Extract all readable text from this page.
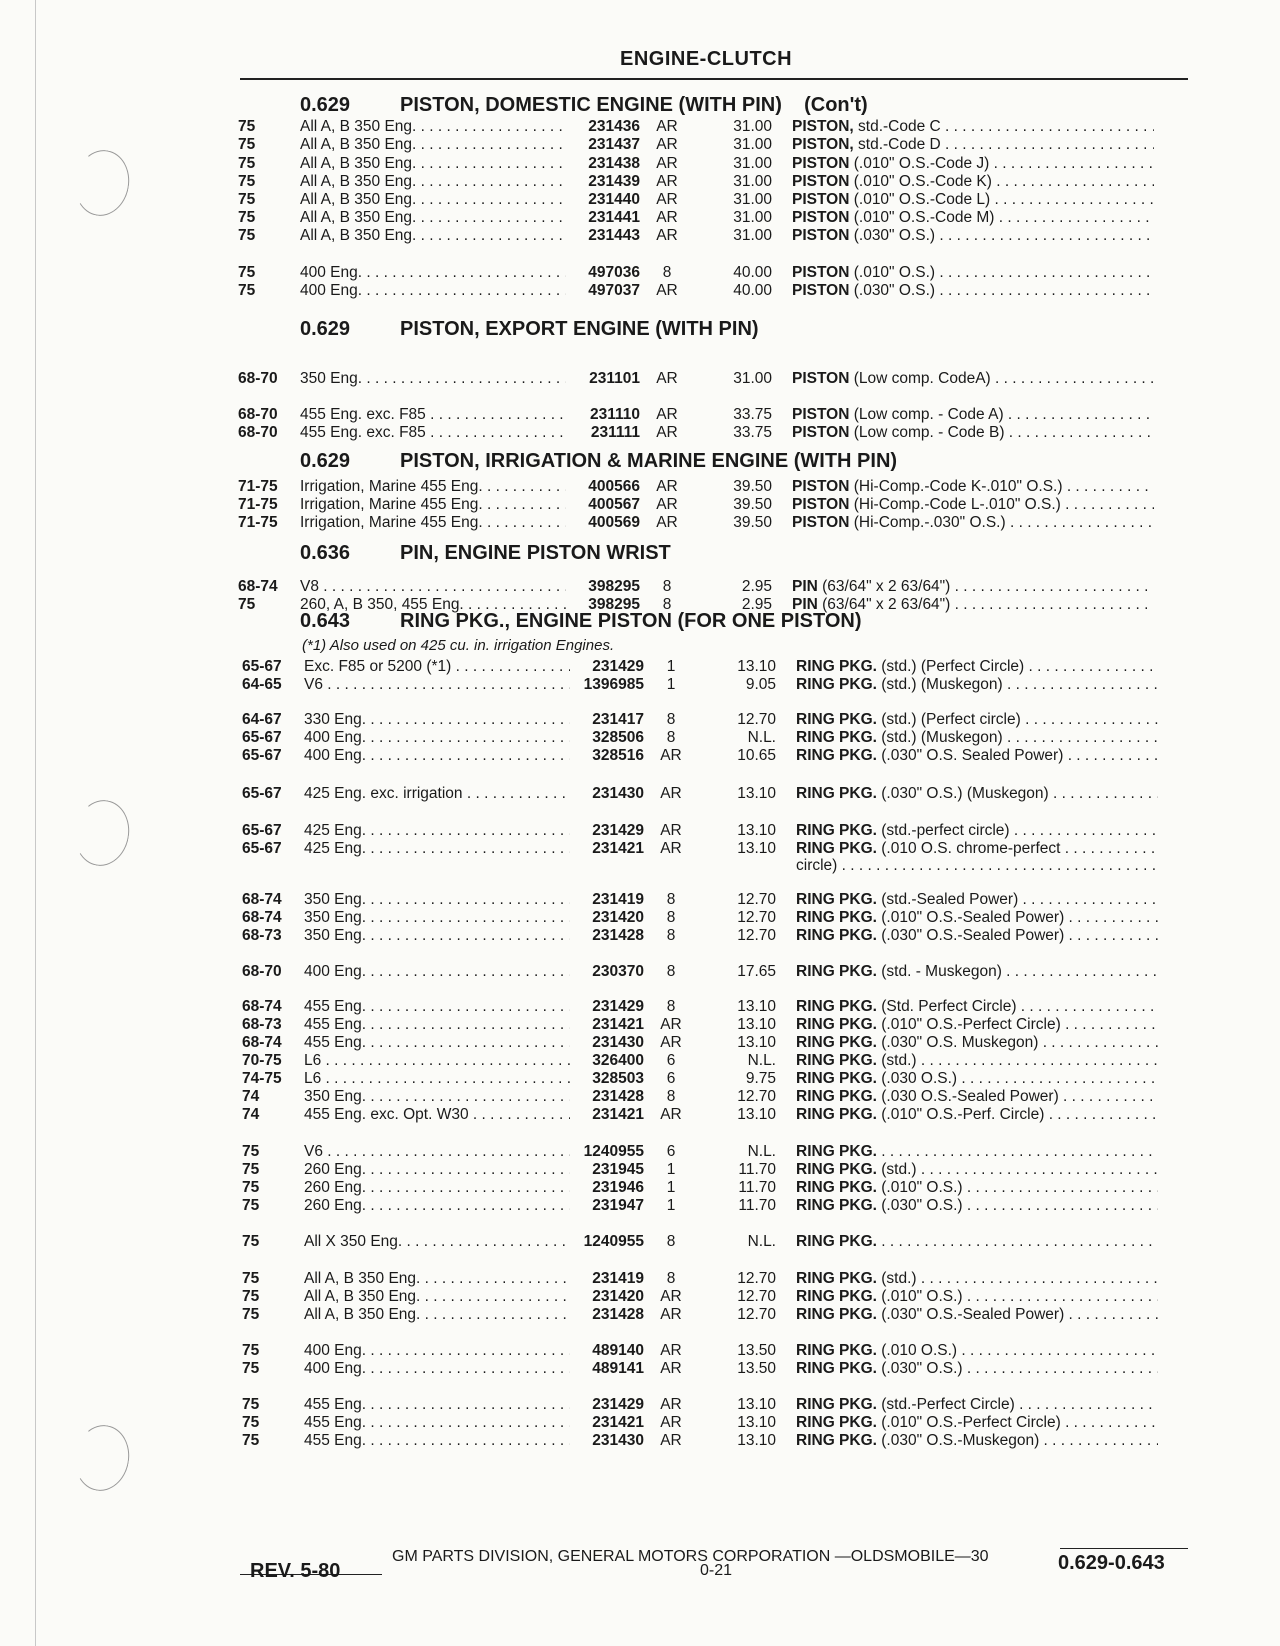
ENGINE-CLUTCH
0.629 PISTON, DOMESTIC ENGINE (WITH PIN)    (Con't)
75	All A, B 350 Eng. . . .	231436 AR	31.00 PISTON, std.-Code C . . .
75	All A, B 350 Eng. . . .	231437 AR	31.00 PISTON, std.-Code D . . .
75	All A, B 350 Eng. . . .	231438 AR	31.00 PISTON (.010" O.S.-Code J) . . .
75	All A, B 350 Eng. . . .	231439 AR	31.00 PISTON (.010" O.S.-Code K) . . .
75	All A, B 350 Eng. . . .	231440 AR	31.00 PISTON (.010" O.S.-Code L) . . .
75	All A, B 350 Eng. . . .	231441 AR	31.00 PISTON (.010" O.S.-Code M) . . .
75	All A, B 350 Eng. . . .	231443 AR	31.00 PISTON (.030" O.S.) . . .
75	400 Eng. . . .	497036	8	40.00 PISTON (.010" O.S.) . . .
75	400 Eng. . . .	497037 AR	40.00 PISTON (.030" O.S.) . . .
0.629 PISTON, EXPORT ENGINE (WITH PIN)
68-70	350 Eng. . . .	231101 AR	31.00 PISTON (Low comp. CodeA) . . .
68-70	455 Eng. exc. F85 . . .	231110 AR	33.75 PISTON (Low comp. - Code A) . . .
68-70	455 Eng. exc. F85 . . .	231111 AR	33.75 PISTON (Low comp. - Code B) . . .
0.629 PISTON, IRRIGATION & MARINE ENGINE (WITH PIN)
71-75	Irrigation, Marine 455 Eng. . . .	400566 AR	39.50 PISTON (Hi-Comp.-Code K-.010" O.S.) . . .
71-75	Irrigation, Marine 455 Eng. . . .	400567 AR	39.50 PISTON (Hi-Comp.-Code L-.010" O.S.) . . .
71-75	Irrigation, Marine 455 Eng. . . .	400569 AR	39.50 PISTON (Hi-Comp.-.030" O.S.) . . .
0.636 PIN, ENGINE PISTON WRIST
68-74	V8 . . .	398295	8	2.95 PIN (63/64" x 2 63/64") . . .
75	260, A, B 350, 455 Eng. . . .	398295	8	2.95 PIN (63/64" x 2 63/64") . . .
0.643 RING PKG., ENGINE PISTON (FOR ONE PISTON)
(*1) Also used on 425 cu. in. irrigation Engines.
65-67	Exc. F85 or 5200 (*1) . . .	231429	1	13.10 RING PKG. (std.) (Perfect Circle) . . .
64-65	V6 . . .	1396985	1	9.05 RING PKG. (std.) (Muskegon) . . .
64-67	330 Eng. . . .	231417	8	12.70 RING PKG. (std.) (Perfect circle) . . .
65-67	400 Eng. . . .	328506	8	N.L. RING PKG. (std.) (Muskegon) . . .
65-67	400 Eng. . . .	328516 AR	10.65 RING PKG. (.030" O.S. Sealed Power) . . .
65-67	425 Eng. exc. irrigation . . .	231430 AR	13.10 RING PKG. (.030" O.S.) (Muskegon) . . .
65-67	425 Eng. . . .	231429 AR	13.10 RING PKG. (std.-perfect circle) . . .
65-67	425 Eng. . . .	231421 AR	13.10 RING PKG. (.010 O.S. chrome-perfect . . .
circle) . . .
68-74	350 Eng. . . .	231419	8	12.70 RING PKG. (std.-Sealed Power) . . .
68-74	350 Eng. . . .	231420	8	12.70 RING PKG. (.010" O.S.-Sealed Power) . . .
68-73	350 Eng. . . .	231428	8	12.70 RING PKG. (.030" O.S.-Sealed Power) . . .
68-70	400 Eng. . . .	230370	8	17.65 RING PKG. (std. - Muskegon) . . .
68-74	455 Eng. . . .	231429	8	13.10 RING PKG. (Std. Perfect Circle) . . .
68-73	455 Eng. . . .	231421 AR	13.10 RING PKG. (.010" O.S.-Perfect Circle) . . .
68-74	455 Eng. . . .	231430 AR	13.10 RING PKG. (.030" O.S. Muskegon) . . .
70-75	L6 . . .	326400	6	N.L. RING PKG. (std.) . . .
74-75	L6 . . .	328503	6	9.75 RING PKG. (.030 O.S.) . . .
74	350 Eng. . . .	231428	8	12.70 RING PKG. (.030 O.S.-Sealed Power) . . .
74	455 Eng. exc. Opt. W30 . . .	231421 AR	13.10 RING PKG. (.010" O.S.-Perf. Circle) . . .
75	V6 . . .	1240955	6	N.L. RING PKG. . . .
75	260 Eng. . . .	231945	1	11.70 RING PKG. (std.) . . .
75	260 Eng. . . .	231946	1	11.70 RING PKG. (.010" O.S.) . . .
75	260 Eng. . . .	231947	1	11.70 RING PKG. (.030" O.S.) . . .
75	All X 350 Eng. . . .	1240955	8	N.L. RING PKG. . . .
75	All A, B 350 Eng. . . .	231419	8	12.70 RING PKG. (std.) . . .
75	All A, B 350 Eng. . . .	231420 AR	12.70 RING PKG. (.010" O.S.) . . .
75	All A, B 350 Eng. . . .	231428 AR	12.70 RING PKG. (.030" O.S.-Sealed Power) . . .
75	400 Eng. . . .	489140 AR	13.50 RING PKG. (.010 O.S.) . . .
75	400 Eng. . . .	489141 AR	13.50 RING PKG. (.030" O.S.) . . .
75	455 Eng. . . .	231429 AR	13.10 RING PKG. (std.-Perfect Circle) . . .
75	455 Eng. . . .	231421 AR	13.10 RING PKG. (.010" O.S.-Perfect Circle) . . .
75	455 Eng. . . .	231430 AR	13.10 RING PKG. (.030" O.S.-Muskegon) . . .
GM PARTS DIVISION, GENERAL MOTORS CORPORATION —OLDSMOBILE—30
REV. 5-80	0-21	0.629-0.643
